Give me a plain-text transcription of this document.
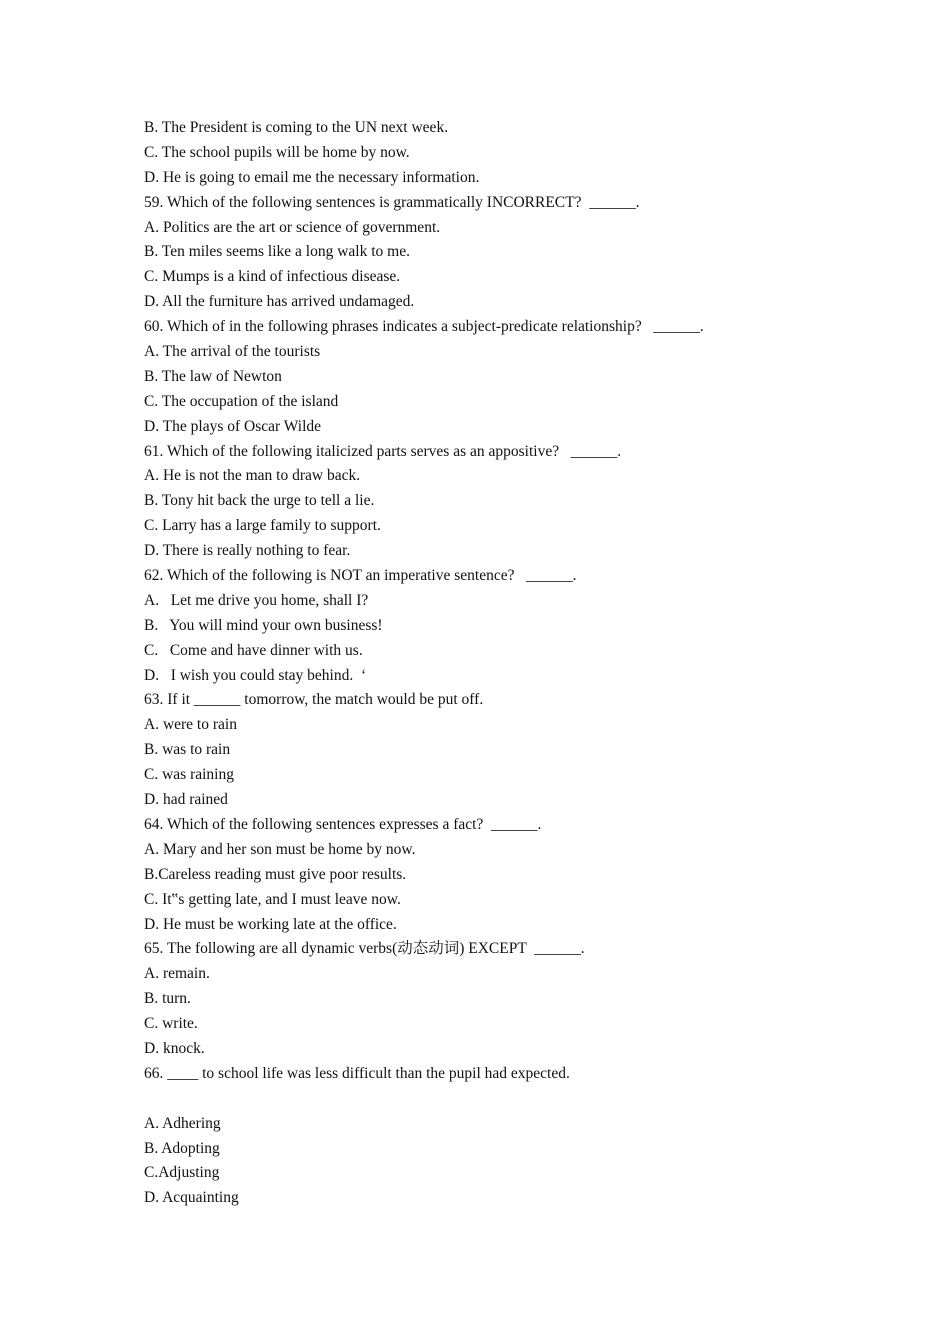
B. The President is coming to the UN next week.

C. The school pupils will be home by now.

D. He is going to email me the necessary information.

59. Which of the following sentences is grammatically INCORRECT?  ______.

A. Politics are the art or science of government.

B. Ten miles seems like a long walk to me.

C. Mumps is a kind of infectious disease.

D. All the furniture has arrived undamaged.

60. Which of in the following phrases indicates a subject-predicate relationship?   ______.

A. The arrival of the tourists

B. The law of Newton

C. The occupation of the island

D. The plays of Oscar Wilde

61. Which of the following italicized parts serves as an appositive?   ______.

A. He is not the man to draw back.

B. Tony hit back the urge to tell a lie.

C. Larry has a large family to support.

D. There is really nothing to fear.

62. Which of the following is NOT an imperative sentence?   ______.

A.   Let me drive you home, shall I?

B.   You will mind your own business!

C.   Come and have dinner with us.

D.   I wish you could stay behind.  ‘

63. If it ______ tomorrow, the match would be put off.

A. were to rain

B. was to rain

C. was raining

D. had rained

64. Which of the following sentences expresses a fact?  ______.

A. Mary and her son must be home by now.

B.Careless reading must give poor results.

C. It‟s getting late, and I must leave now.

D. He must be working late at the office.

65. The following are all dynamic verbs(动态动词) EXCEPT  ______.

A. remain.

B. turn.

C. write.

D. knock.

66. ____ to school life was less difficult than the pupil had expected.

A. Adhering

B. Adopting

C.Adjusting

D. Acquainting
